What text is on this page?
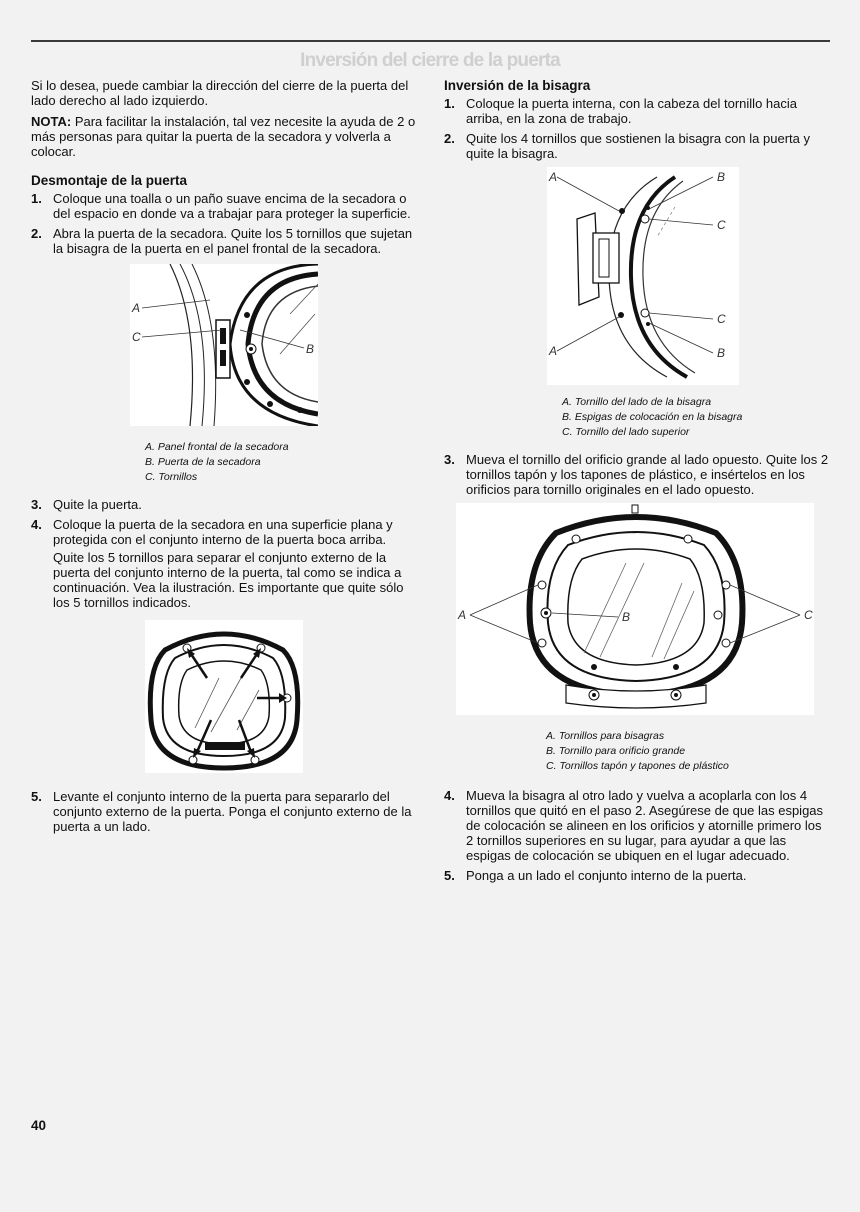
Inversión del cierre de la puerta

Si lo desea, puede cambiar la dirección del cierre de la puerta del lado derecho al lado izquierdo.

NOTA: Para facilitar la instalación, tal vez necesite la ayuda de 2 o más personas para quitar la puerta de la secadora y volverla a colocar.

Desmontaje de la puerta
1. Coloque una toalla o un paño suave encima de la secadora o del espacio en donde va a trabajar para proteger la superficie.
2. Abra la puerta de la secadora. Quite los 5 tornillos que sujetan la bisagra de la puerta en el panel frontal de la secadora.
A
C
B
A. Panel frontal de la secadora
B. Puerta de la secadora
C. Tornillos
3. Quite la puerta.
4. Coloque la puerta de la secadora en una superficie plana y protegida con el conjunto interno de la puerta boca arriba.

Quite los 5 tornillos para separar el conjunto externo de la puerta del conjunto interno de la puerta, tal como se indica a continuación. Vea la ilustración. Es importante que quite sólo los 5 tornillos indicados.

5. Levante el conjunto interno de la puerta para separarlo del conjunto externo de la puerta. Ponga el conjunto externo de la puerta a un lado.
Inversión de la bisagra
1. Coloque la puerta interna, con la cabeza del tornillo hacia arriba, en la zona de trabajo.
2. Quite los 4 tornillos que sostienen la bisagra con la puerta y quite la bisagra.
A
A
B
B
C
C
A. Tornillo del lado de la bisagra
B. Espigas de colocación en la bisagra
C. Tornillo del lado superior
3. Mueva el tornillo del orificio grande al lado opuesto. Quite los 2 tornillos tapón y los tapones de plástico, e insértelos en los orificios para tornillo originales en el lado opuesto.
A	B	C
A. Tornillos para bisagras
B. Tornillo para orificio grande
C. Tornillos tapón y tapones de plástico
4. Mueva la bisagra al otro lado y vuelva a acoplarla con los 4 tornillos que quitó en el paso 2. Asegúrese de que las espigas de colocación se alineen en los orificios y atornille primero los 2 tornillos superiores en su lugar, para ayudar a que las espigas de colocación se ubiquen en el lugar adecuado.
5. Ponga a un lado el conjunto interno de la puerta.
40
